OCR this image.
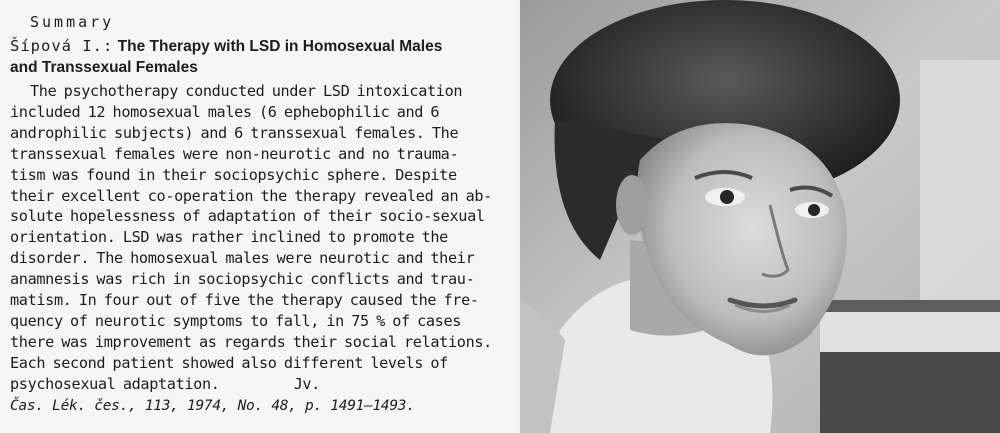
Summary
Šípová I.: The Therapy with LSD in Homosexual Males
and Transsexual Females
The psychotherapy conducted under LSD intoxication
included 12 homosexual males (6 ephebophilic and 6
androphilic subjects) and 6 transsexual females. The
transsexual females were non-neurotic and no trauma-
tism was found in their sociopsychic sphere. Despite
their excellent co-operation the therapy revealed an ab-
solute hopelessness of adaptation of their socio-sexual
orientation. LSD was rather inclined to promote the
disorder. The homosexual males were neurotic and their
anamnesis was rich in sociopsychic conflicts and trau-
matism. In four out of five the therapy caused the fre-
quency of neurotic symptoms to fall, in 75 % of cases
there was improvement as regards their social relations.
Each second patient showed also different levels of
psychosexual adaptation.	Jv.
Čas. Lék. čes., 113, 1974, No. 48, p. 1491—1493.
